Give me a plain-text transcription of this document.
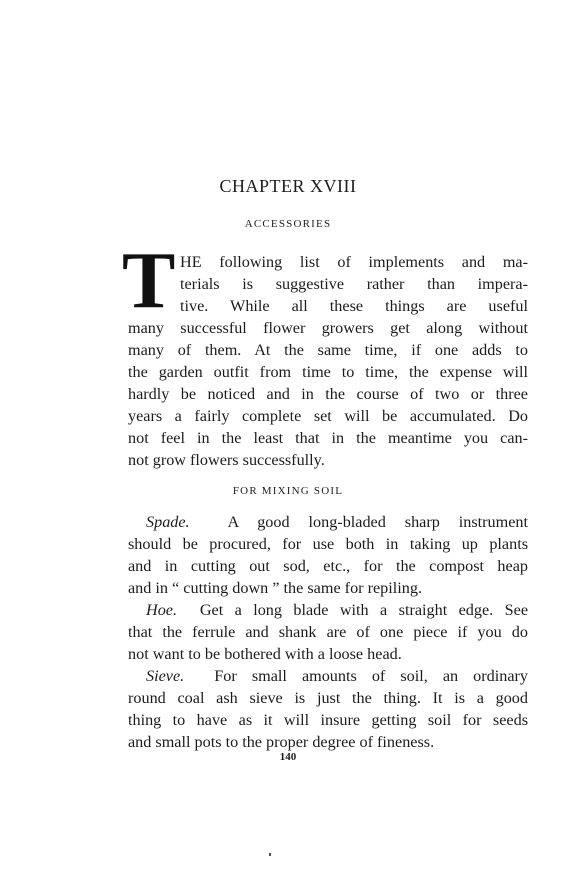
CHAPTER XVIII
ACCESSORIES
T HE following list of implements and ma-
terials is suggestive rather than impera-
tive. While all these things are useful
many successful flower growers get along without
many of them. At the same time, if one adds to
the garden outfit from time to time, the expense will
hardly be noticed and in the course of two or three
years a fairly complete set will be accumulated. Do
not feel in the least that in the meantime you can-
not grow flowers successfully.
FOR MIXING SOIL
Spade. A good long-bladed sharp instrument
should be procured, for use both in taking up plants
and in cutting out sod, etc., for the compost heap
and in “ cutting down ” the same for repiling.
Hoe. Get a long blade with a straight edge. See
that the ferrule and shank are of one piece if you do
not want to be bothered with a loose head.
Sieve. For small amounts of soil, an ordinary
round coal ash sieve is just the thing. It is a good
thing to have as it will insure getting soil for seeds
and small pots to the proper degree of fineness.
140
